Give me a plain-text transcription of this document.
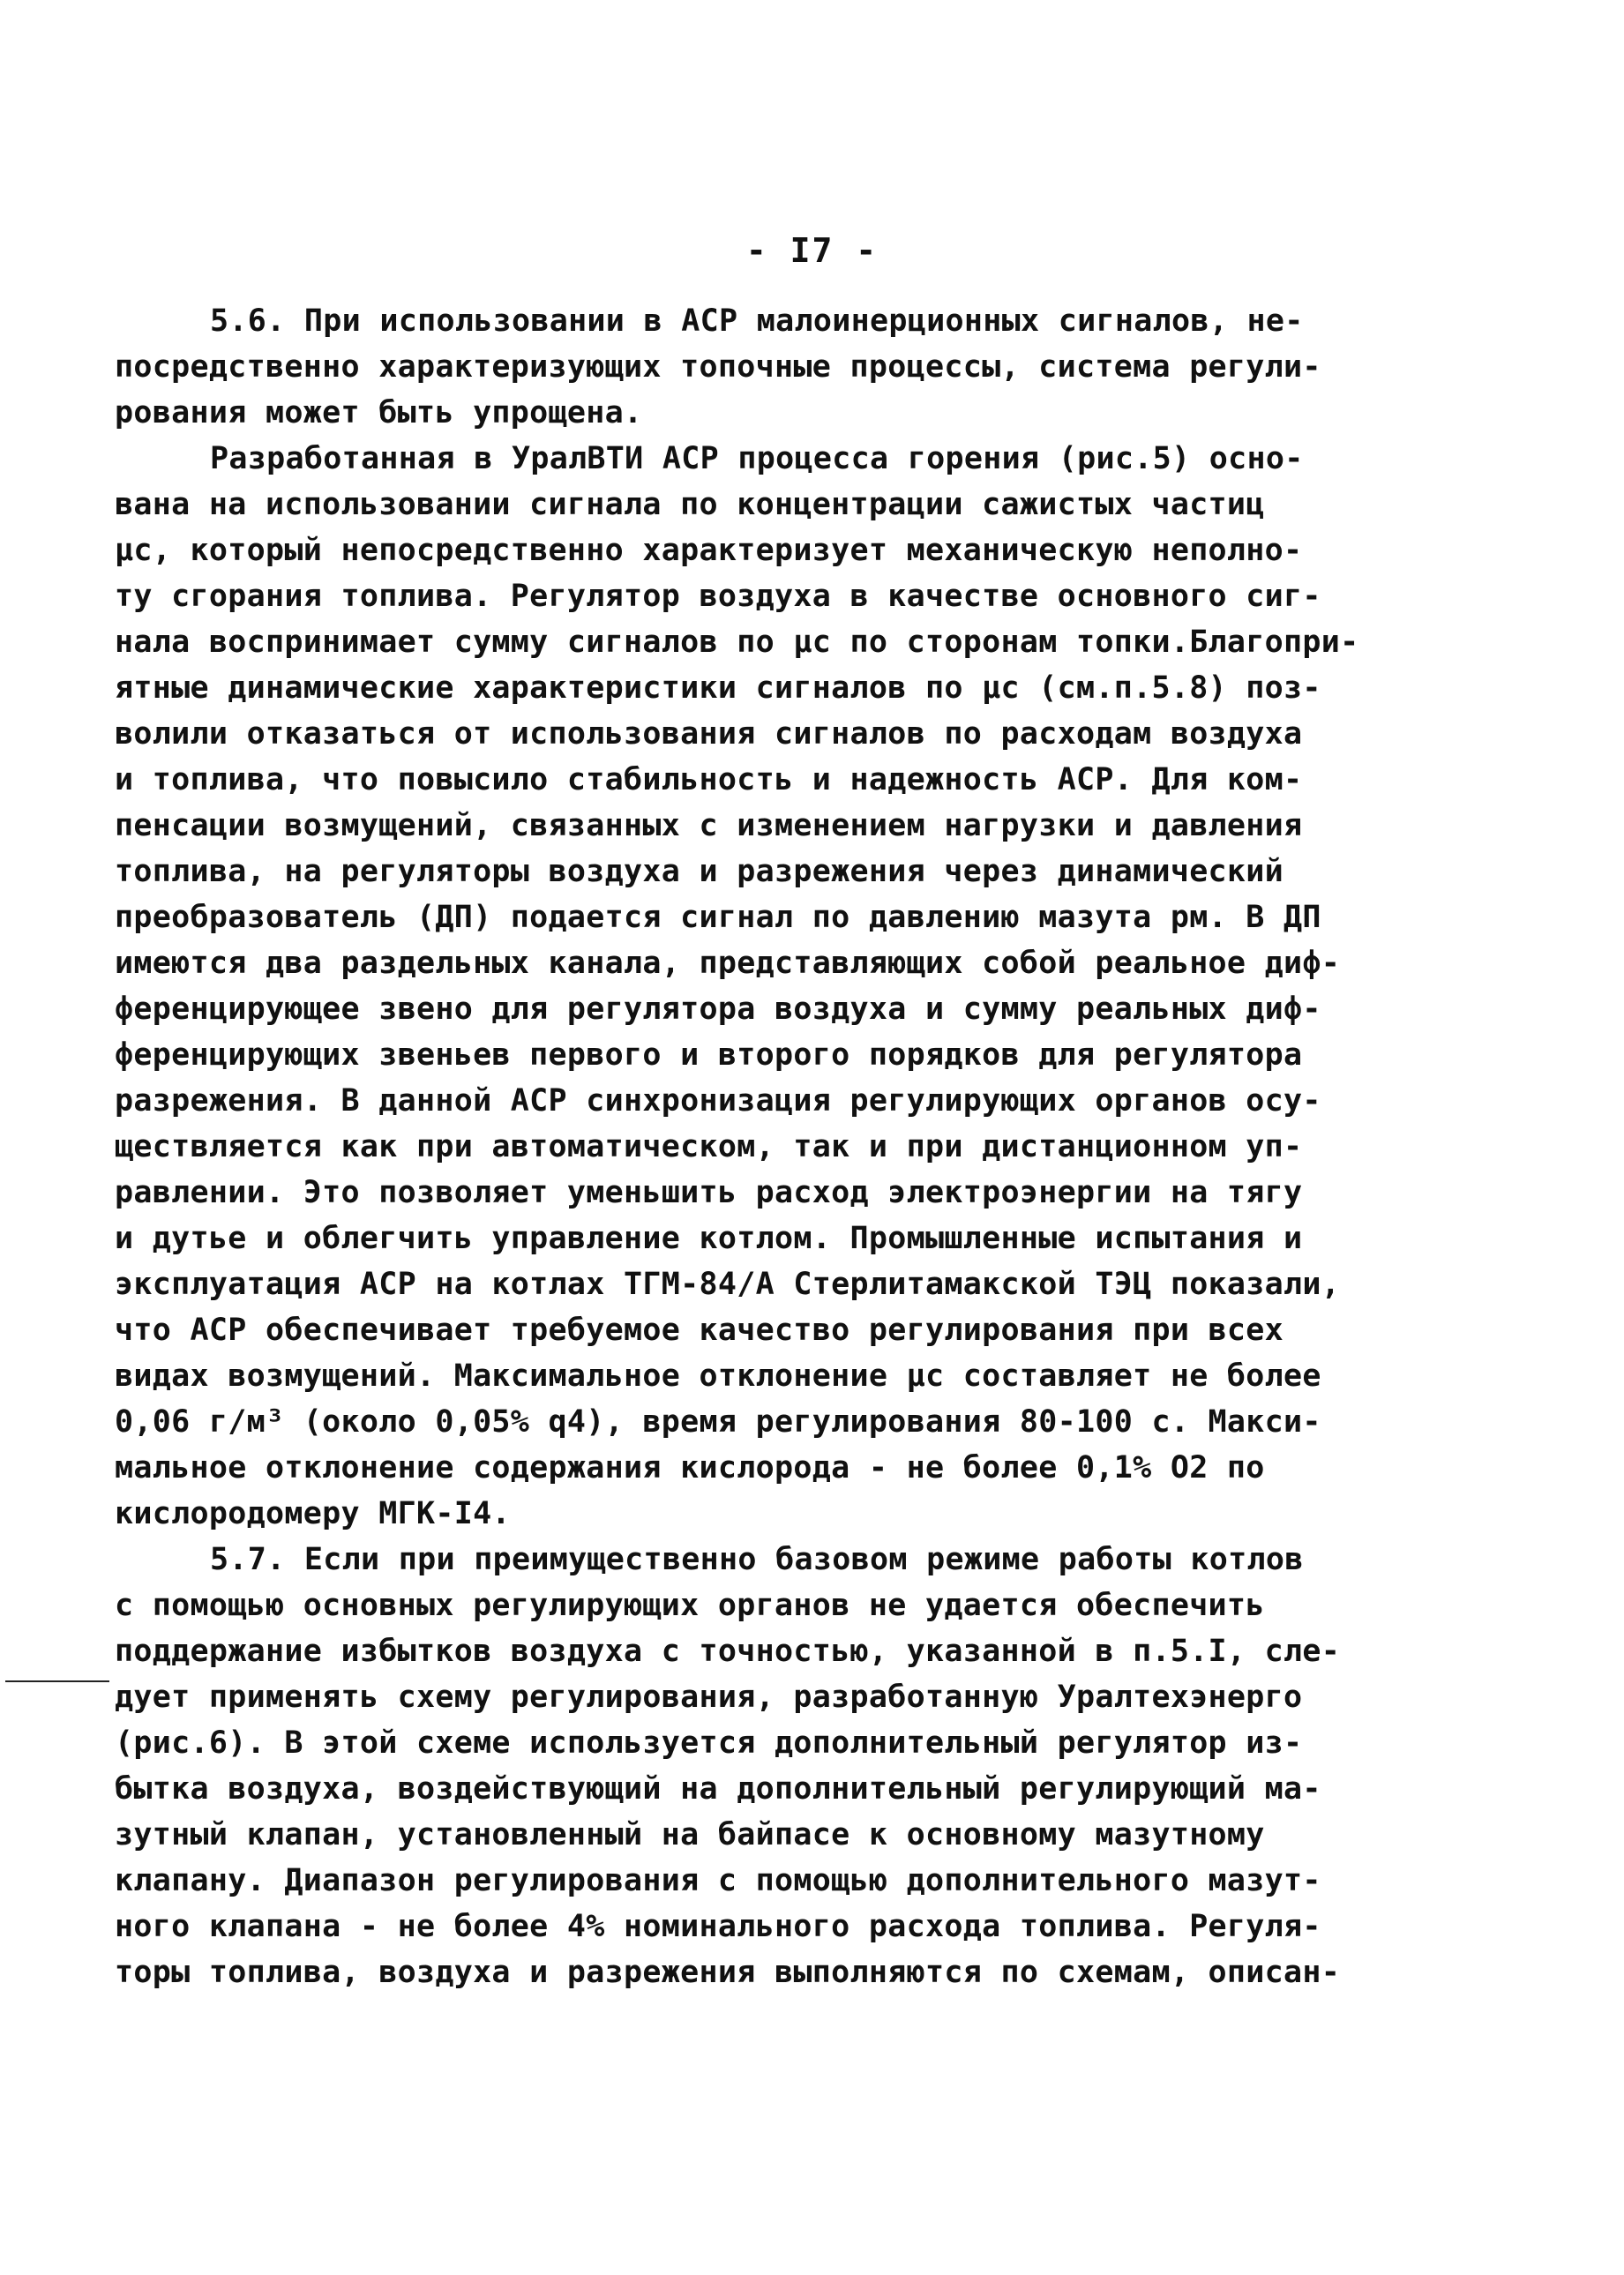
- I7 -
5.6. При использовании в АСР малоинерционных сигналов, не-
посредственно характеризующих топочные процессы, система регули-
рования может быть упрощена.
Разработанная в УралВТИ АСР процесса горения (рис.5) осно-
вана на использовании сигнала по концентрации сажистых частиц
μс, который непосредственно характеризует механическую неполно-
ту сгорания топлива. Регулятор воздуха в качестве основного сиг-
нала воспринимает сумму сигналов по μс по сторонам топки.Благопри-
ятные динамические характеристики сигналов по μс (см.п.5.8) поз-
волили отказаться от использования сигналов по расходам воздуха
и топлива, что повысило стабильность и надежность АСР. Для ком-
пенсации возмущений, связанных с изменением нагрузки и давления
топлива, на регуляторы воздуха и разрежения через динамический
преобразователь (ДП) подается сигнал по давлению мазута pм. В ДП
имеются два раздельных канала, представляющих собой реальное диф-
ференцирующее звено для регулятора воздуха и сумму реальных диф-
ференцирующих звеньев первого и второго порядков для регулятора
разрежения. В данной АСР синхронизация регулирующих органов осу-
ществляется как при автоматическом, так и при дистанционном уп-
равлении. Это позволяет уменьшить расход электроэнергии на тягу
и дутье и облегчить управление котлом. Промышленные испытания и
эксплуатация АСР на котлах ТГМ-84/А Стерлитамакской ТЭЦ показали,
что АСР обеспечивает требуемое качество регулирования при всех
видах возмущений. Максимальное отклонение μс составляет не более
0,06 г/м³ (около 0,05% q4), время регулирования 80-100 с. Макси-
мальное отклонение содержания кислорода - не более 0,1% O2 по
кислородомеру МГК-I4.
5.7. Если при преимущественно базовом режиме работы котлов
с помощью основных регулирующих органов не удается обеспечить
поддержание избытков воздуха с точностью, указанной в п.5.I, сле-
дует применять схему регулирования, разработанную Уралтехэнерго
(рис.6). В этой схеме используется дополнительный регулятор из-
бытка воздуха, воздействующий на дополнительный регулирующий ма-
зутный клапан, установленный на байпасе к основному мазутному
клапану. Диапазон регулирования с помощью дополнительного мазут-
ного клапана - не более 4% номинального расхода топлива. Регуля-
торы топлива, воздуха и разрежения выполняются по схемам, описан-
